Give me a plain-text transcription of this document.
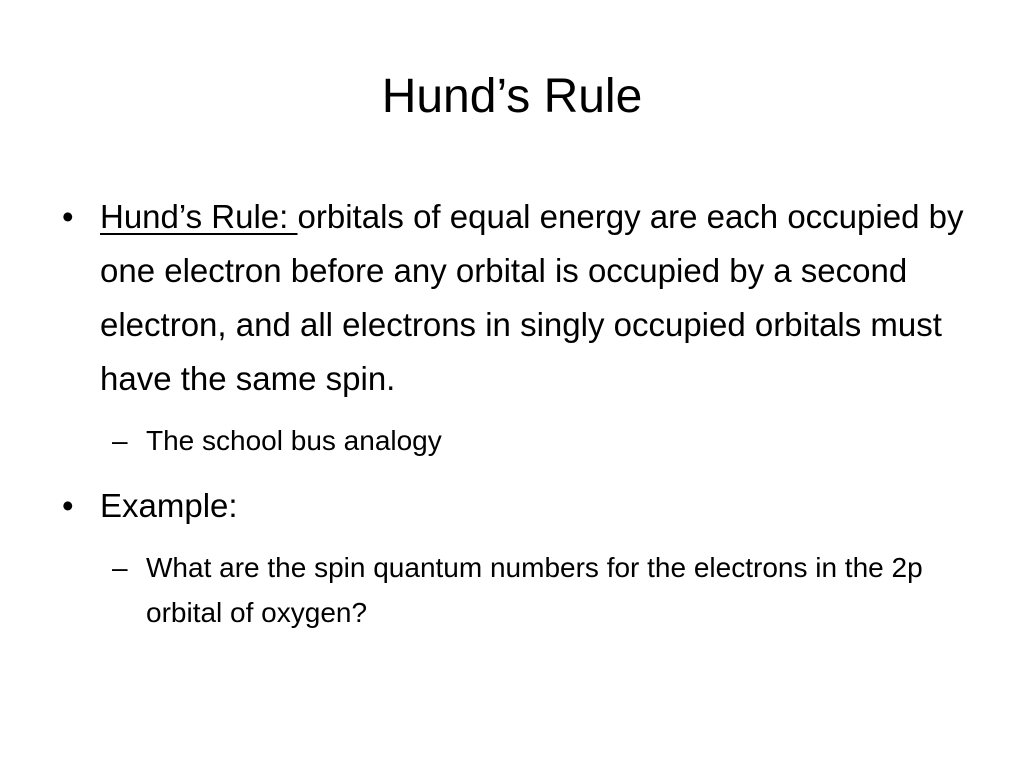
Hund’s Rule

• Hund’s Rule: orbitals of equal energy are each occupied by one electron before any orbital is occupied by a second electron, and all electrons in singly occupied orbitals must have the same spin.

– The school bus analogy

• Example:

– What are the spin quantum numbers for the electrons in the 2p orbital of oxygen?
